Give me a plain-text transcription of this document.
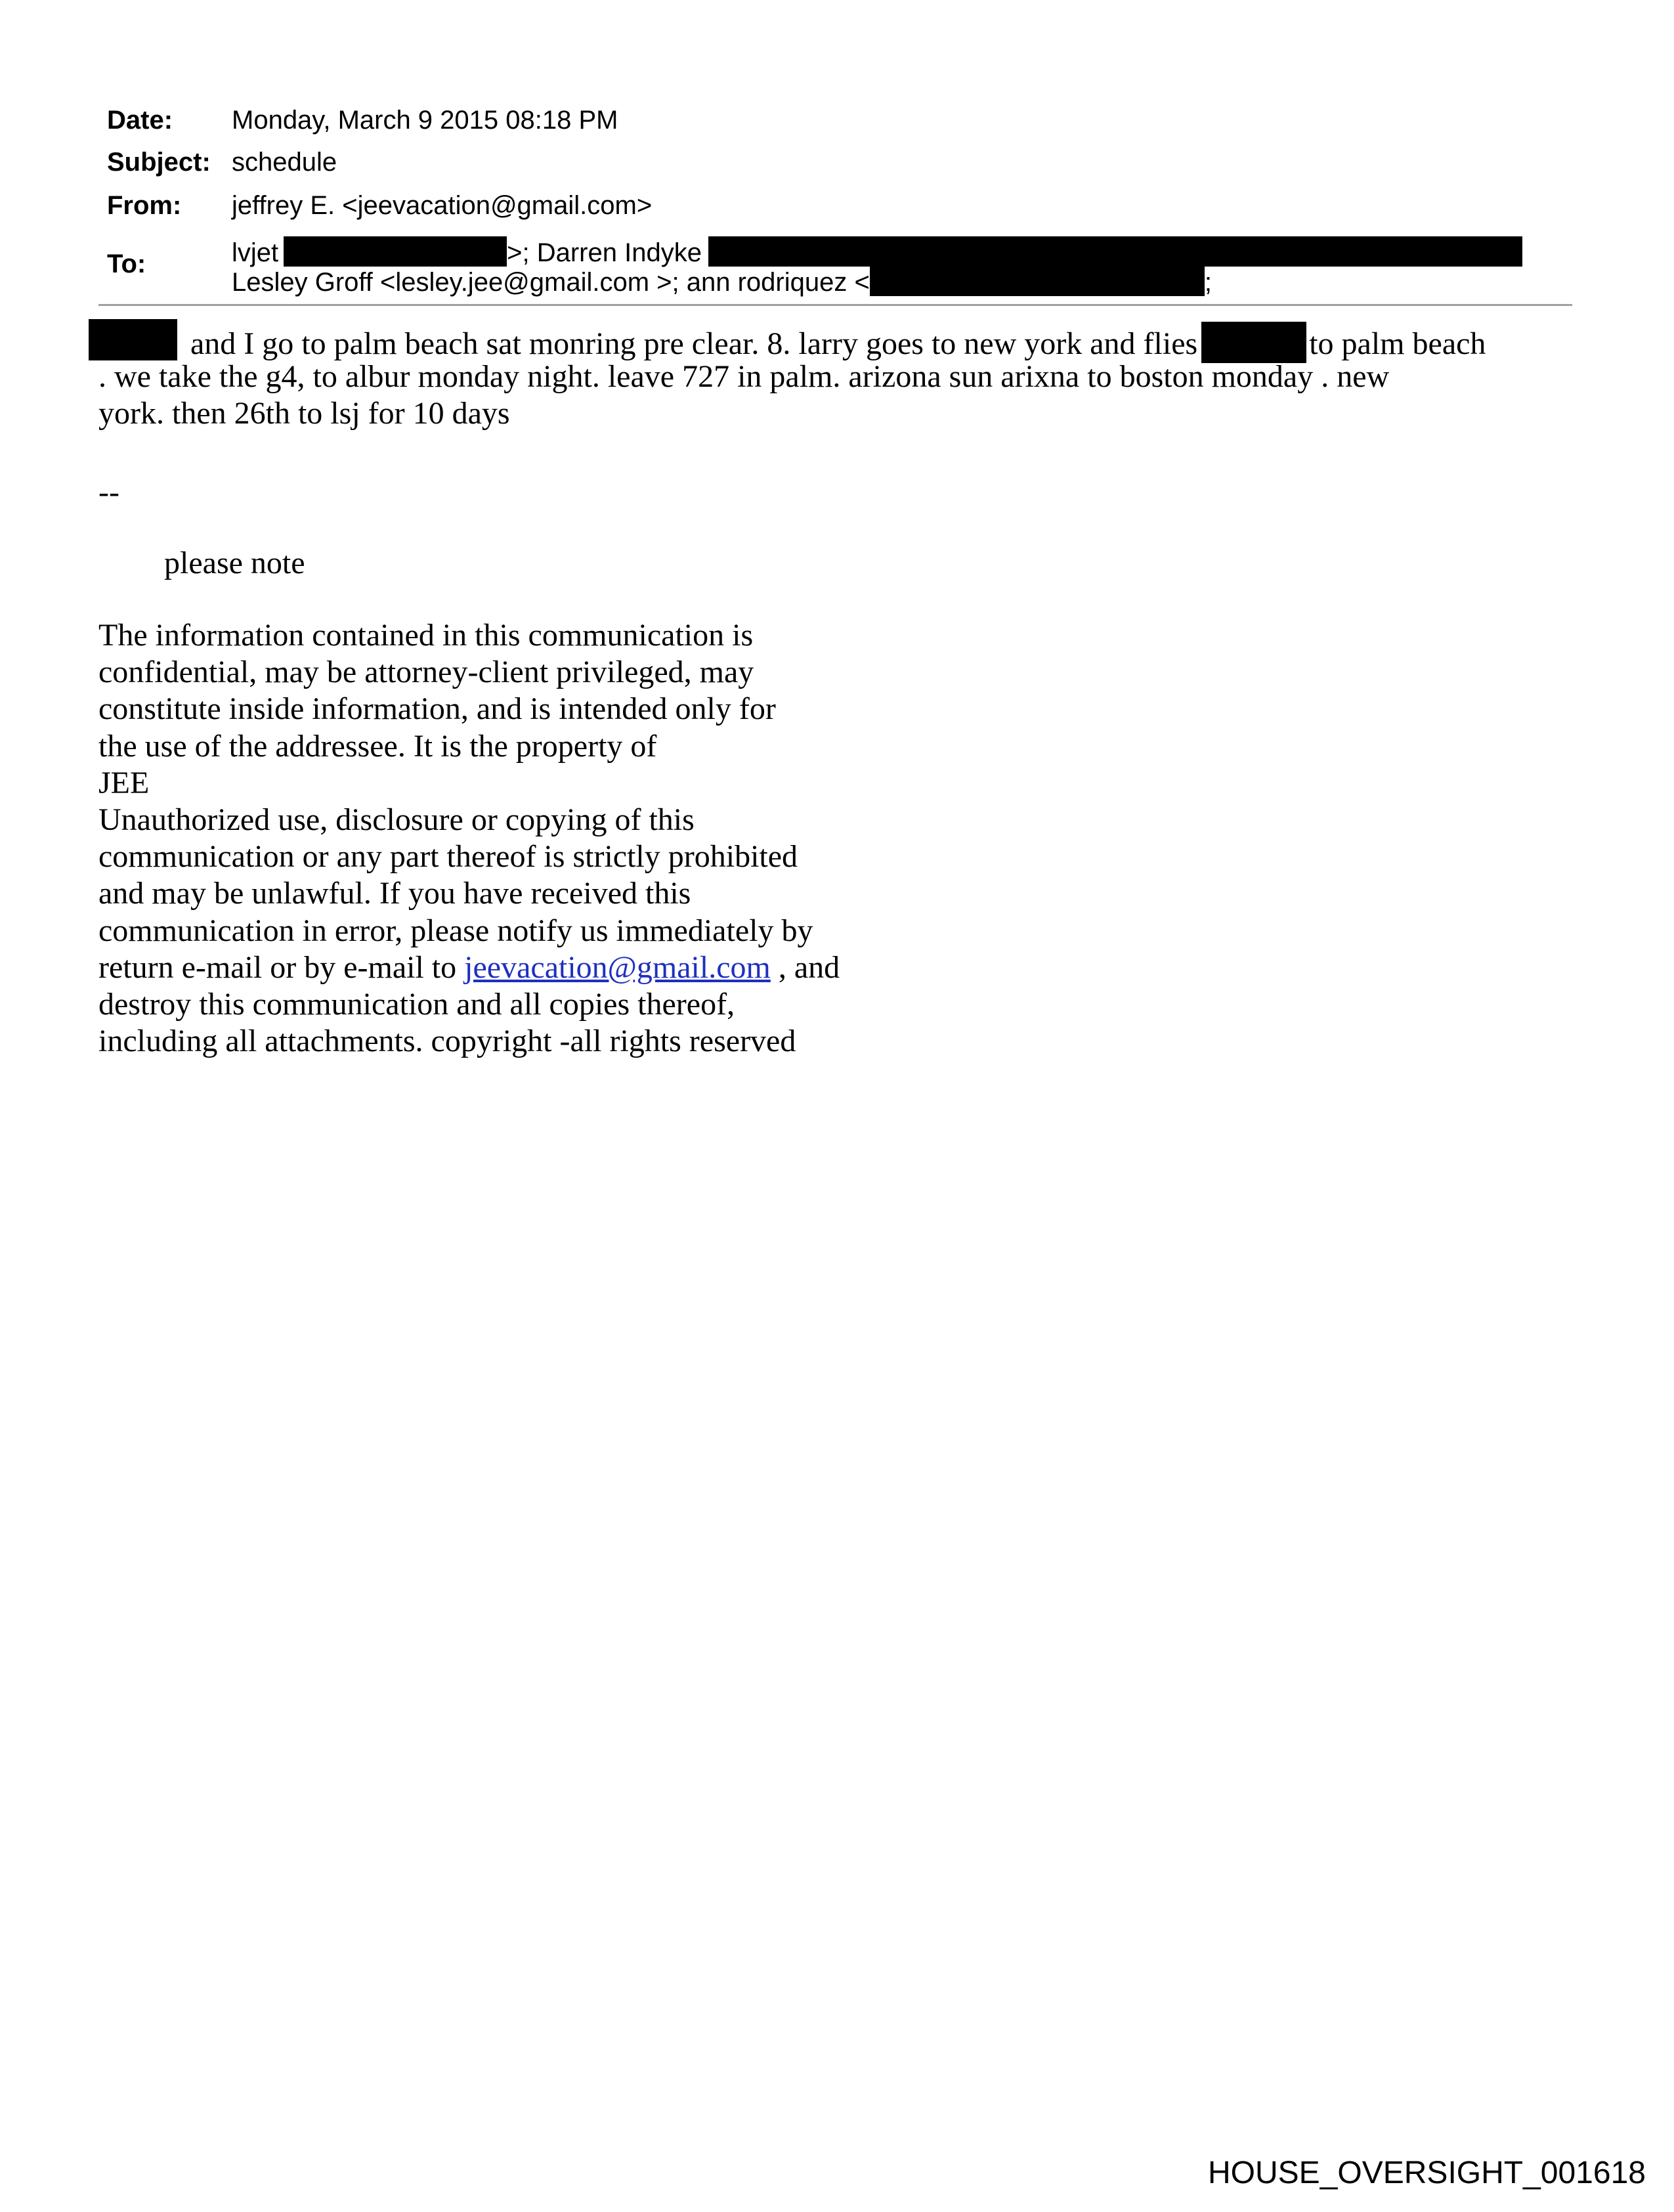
Date: Monday, March 9 2015 08:18 PM
Subject: schedule
From: jeffrey E. <jeevacation@gmail.com>
To:	lvjet	>; Darren Indyke
Lesley Groff <lesley.jee@gmail.com >; ann rodriquez <	;
and I go to palm beach sat monring pre clear. 8. larry goes to new york and flies	to palm beach
. we take the g4, to albur monday night. leave 727 in palm. arizona sun arixna to boston monday . new
york. then 26th to lsj for 10 days
--
please note
The information contained in this communication is
confidential, may be attorney-client privileged, may
constitute inside information, and is intended only for
the use of the addressee. It is the property of
JEE
Unauthorized use, disclosure or copying of this
communication or any part thereof is strictly prohibited
and may be unlawful. If you have received this
communication in error, please notify us immediately by
return e-mail or by e-mail to jeevacation@gmail.com , and
destroy this communication and all copies thereof,
including all attachments. copyright -all rights reserved
HOUSE_OVERSIGHT_001618
